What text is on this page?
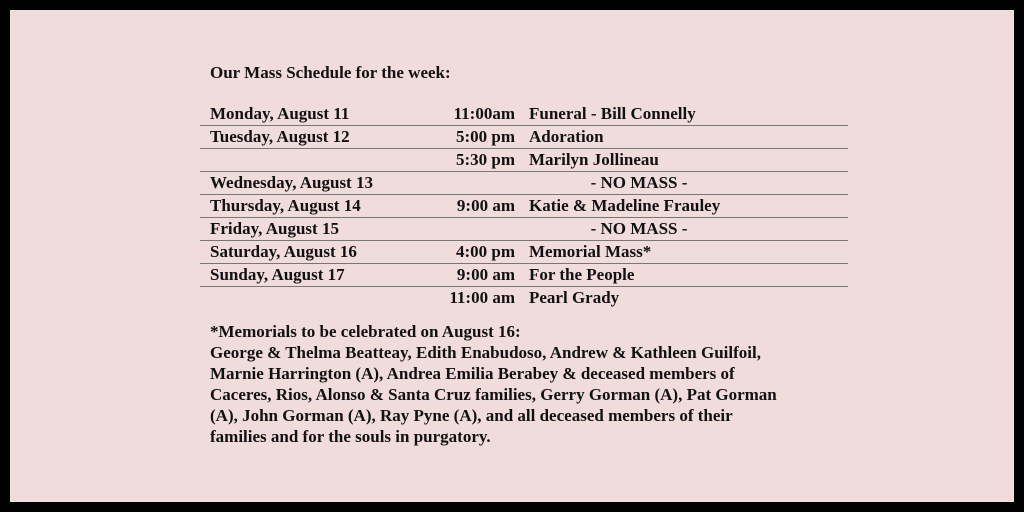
Our Mass Schedule for the week:
Monday, August 11	11:00am Funeral - Bill Connelly
Tuesday, August 12	5:00 pm Adoration
5:30 pm Marilyn Jollineau
Wednesday, August 13	- NO MASS -
Thursday, August 14	9:00 am Katie & Madeline Frauley
Friday, August 15	- NO MASS -
Saturday, August 16	4:00 pm Memorial Mass*
Sunday, August 17	9:00 am For the People
11:00 am Pearl Grady
*Memorials to be celebrated on August 16:
George & Thelma Beatteay, Edith Enabudoso, Andrew & Kathleen Guilfoil,
Marnie Harrington (A), Andrea Emilia Berabey & deceased members of
Caceres, Rios, Alonso & Santa Cruz families, Gerry Gorman (A), Pat Gorman
(A), John Gorman (A), Ray Pyne (A), and all deceased members of their
families and for the souls in purgatory.
